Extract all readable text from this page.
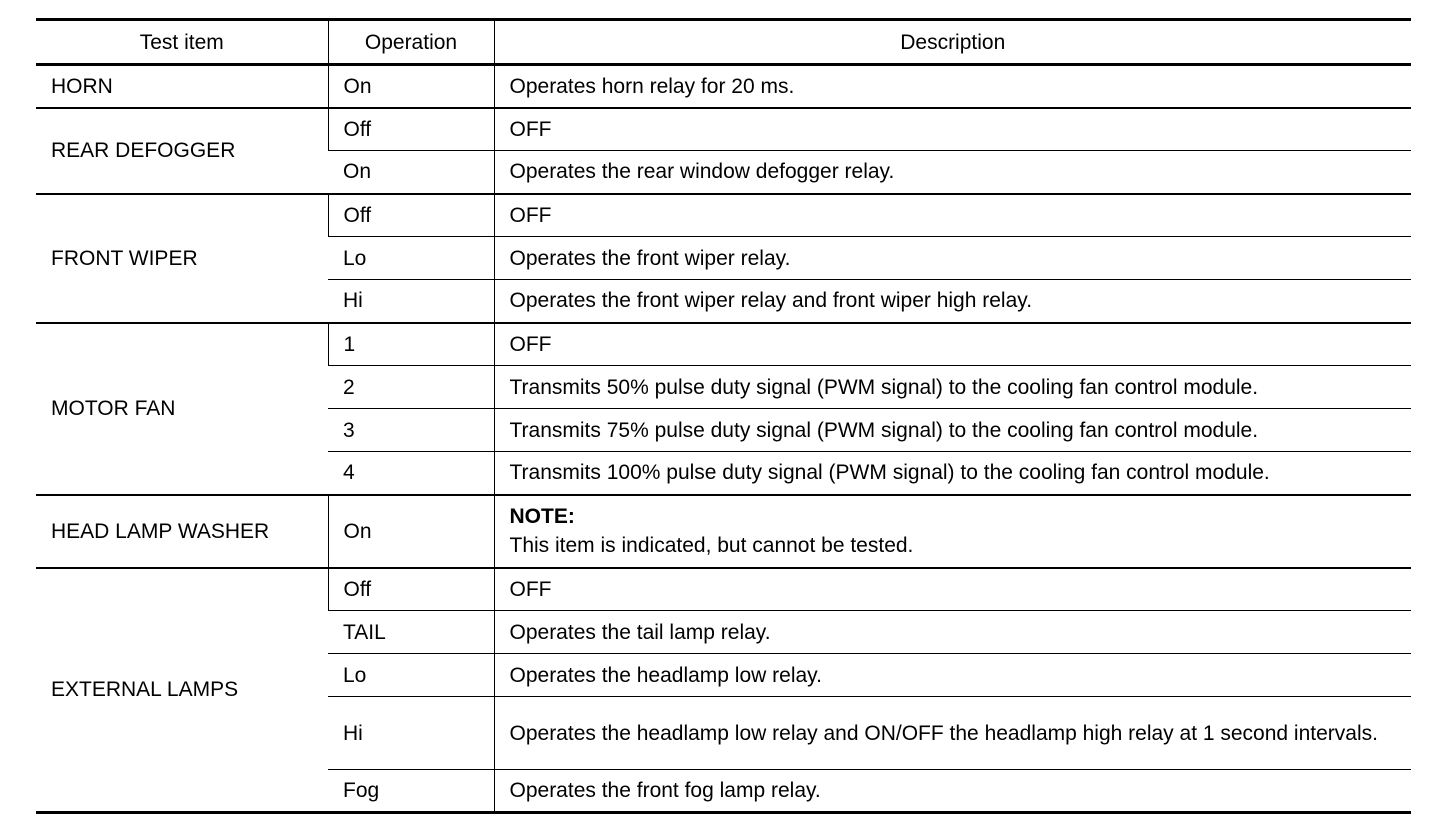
Test item	Operation	Description
HORN	On	Operates horn relay for 20 ms.
REAR DEFOGGER	Off	OFF
	On	Operates the rear window defogger relay.
FRONT WIPER	Off	OFF
	Lo	Operates the front wiper relay.
	Hi	Operates the front wiper relay and front wiper high relay.
MOTOR FAN	1	OFF
	2	Transmits 50% pulse duty signal (PWM signal) to the cooling fan control module.
	3	Transmits 75% pulse duty signal (PWM signal) to the cooling fan control module.
	4	Transmits 100% pulse duty signal (PWM signal) to the cooling fan control module.
HEAD LAMP WASHER	On	NOTE:
This item is indicated, but cannot be tested.

EXTERNAL LAMPS	Off	OFF
	TAIL	Operates the tail lamp relay.
	Lo	Operates the headlamp low relay.
	Hi	Operates the headlamp low relay and ON/OFF the headlamp high relay at 1 second intervals.
	Fog	Operates the front fog lamp relay.
